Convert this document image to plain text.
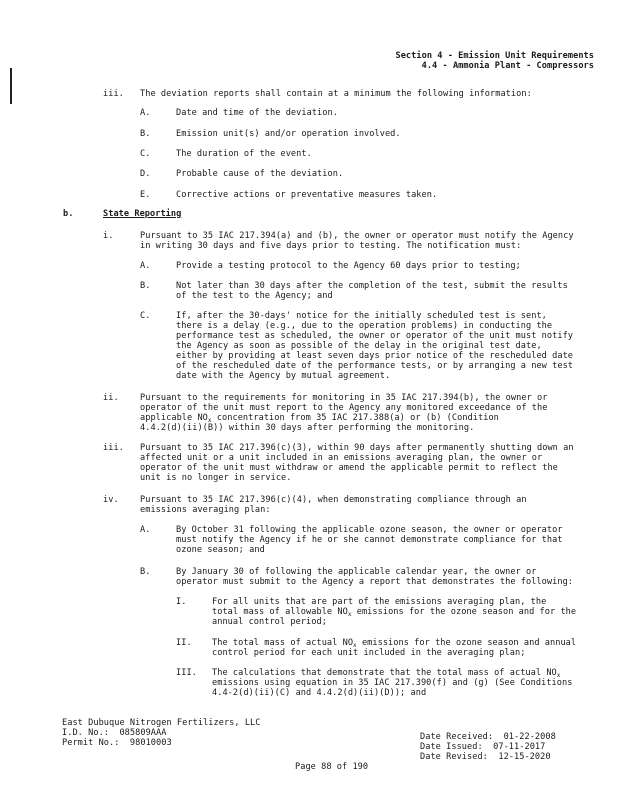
Section 4 - Emission Unit Requirements
4.4 - Ammonia Plant - Compressors
iii. The deviation reports shall contain at a minimum the following information:
A.	Date and time of the deviation.
B.	Emission unit(s) and/or operation involved.
C.	The duration of the event.
D.	Probable cause of the deviation.
E.	Corrective actions or preventative measures taken.
b.	State Reporting
i.	Pursuant to 35 IAC 217.394(a) and (b), the owner or operator must notify the Agency
in writing 30 days and five days prior to testing. The notification must:
A.	Provide a testing protocol to the Agency 60 days prior to testing;
B.	Not later than 30 days after the completion of the test, submit the results
of the test to the Agency; and
C.	If, after the 30-days' notice for the initially scheduled test is sent,
there is a delay (e.g., due to the operation problems) in conducting the
performance test as scheduled, the owner or operator of the unit must notify
the Agency as soon as possible of the delay in the original test date,
either by providing at least seven days prior notice of the rescheduled date
of the rescheduled date of the performance tests, or by arranging a new test
date with the Agency by mutual agreement.
ii. Pursuant to the requirements for monitoring in 35 IAC 217.394(b), the owner or
operator of the unit must report to the Agency any monitored exceedance of the
applicable $NO_x$ concentration from 35 IAC 217.388(a) or (b) (Condition
4.4.2(d)(ii)(B)) within 30 days after performing the monitoring.
iii. Pursuant to 35 IAC 217.396(c)(3), within 90 days after permanently shutting down an
affected unit or a unit included in an emissions averaging plan, the owner or
operator of the unit must withdraw or amend the applicable permit to reflect the
unit is no longer in service.
iv. Pursuant to 35 IAC 217.396(c)(4), when demonstrating compliance through an
emissions averaging plan:
A.	By October 31 following the applicable ozone season, the owner or operator
must notify the Agency if he or she cannot demonstrate compliance for that
ozone season; and
B.	By January 30 of following the applicable calendar year, the owner or
operator must submit to the Agency a report that demonstrates the following:
I.	For all units that are part of the emissions averaging plan, the
total mass of allowable $NO_x$ emissions for the ozone season and for the
annual control period;
II. The total mass of actual $NO_x$ emissions for the ozone season and annual
control period for each unit included in the averaging plan;
III. The calculations that demonstrate that the total mass of actual $NO_x$
emissions using equation in 35 IAC 217.390(f) and (g) (See Conditions
4.4-2(d)(ii)(C) and 4.4.2(d)(ii)(D)); and
East Dubuque Nitrogen Fertilizers, LLC
I.D. No.:  085809AAA
Permit No.:  98010003
Date Received:  01-22-2008
Date Issued:  07-11-2017
Date Revised:  12-15-2020
Page 88 of 190
